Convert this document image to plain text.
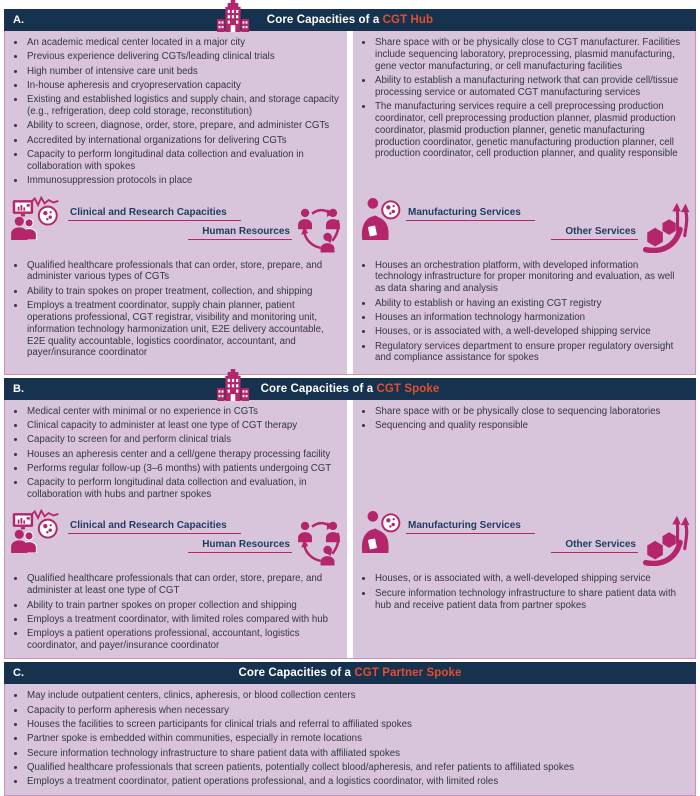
A.	Core Capacities of a CGT Hub
• An academic medical center located in a major city
• Previous experience delivering CGTs/leading clinical trials
• High number of intensive care unit beds
• In-house apheresis and cryopreservation capacity
• Existing and established logistics and supply chain, and storage capacity (e.g., refrigeration, deep cold storage, reconstitution)
• Ability to screen, diagnose, order, store, prepare, and administer CGTs
• Accredited by international organizations for delivering CGTs
• Capacity to perform longitudinal data collection and evaluation in collaboration with spokes
• Immunosuppression protocols in place
• Share space with or be physically close to CGT manufacturer. Facilities include sequencing laboratory, preprocessing, plasmid manufacturing, gene vector manufacturing, or cell manufacturing facilities
• Ability to establish a manufacturing network that can provide cell/tissue processing service or automated CGT manufacturing services
• The manufacturing services require a cell preprocessing production coordinator, cell preprocessing production planner, plasmid production coordinator, plasmid production planner, genetic manufacturing production coordinator, genetic manufacturing production planner, cell production coordinator, cell production planner, and quality responsible
Clinical and Research Capacities
Human Resources
Manufacturing Services
Other Services
• Qualified healthcare professionals that can order, store, prepare, and administer various types of CGTs
• Ability to train spokes on proper treatment, collection, and shipping
• Employs a treatment coordinator, supply chain planner, patient operations professional, CGT registrar, visibility and monitoring unit, information technology harmonization unit, E2E delivery accountable, E2E quality accountable, logistics coordinator, accountant, and payer/insurance coordinator
• Houses an orchestration platform, with developed information technology infrastructure for proper monitoring and evaluation, as well as data sharing and analysis
• Ability to establish or having an existing CGT registry
• Houses an information technology harmonization
• Houses, or is associated with, a well-developed shipping service
• Regulatory services department to ensure proper regulatory oversight and compliance assistance for spokes
B.	Core Capacities of a CGT Spoke
• Medical center with minimal or no experience in CGTs
• Clinical capacity to administer at least one type of CGT therapy
• Capacity to screen for and perform clinical trials
• Houses an apheresis center and a cell/gene therapy processing facility
• Performs regular follow-up (3–6 months) with patients undergoing CGT
• Capacity to perform longitudinal data collection and evaluation, in collaboration with hubs and partner spokes
• Share space with or be physically close to sequencing laboratories
• Sequencing and quality responsible
Clinical and Research Capacities
Human Resources
Manufacturing Services
Other Services
• Qualified healthcare professionals that can order, store, prepare, and administer at least one type of CGT
• Ability to train partner spokes on proper collection and shipping
• Employs a treatment coordinator, with limited roles compared with hub
• Employs a patient operations professional, accountant, logistics coordinator, and payer/insurance coordinator
• Houses, or is associated with, a well-developed shipping service
• Secure information technology infrastructure to share patient data with hub and receive patient data from partner spokes
C.	Core Capacities of a CGT Partner Spoke
• May include outpatient centers, clinics, apheresis, or blood collection centers
• Capacity to perform apheresis when necessary
• Houses the facilities to screen participants for clinical trials and referral to affiliated spokes
• Partner spoke is embedded within communities, especially in remote locations
• Secure information technology infrastructure to share patient data with affiliated spokes
• Qualified healthcare professionals that screen patients, potentially collect blood/apheresis, and refer patients to affiliated spokes
• Employs a treatment coordinator, patient operations professional, and a logistics coordinator, with limited roles
